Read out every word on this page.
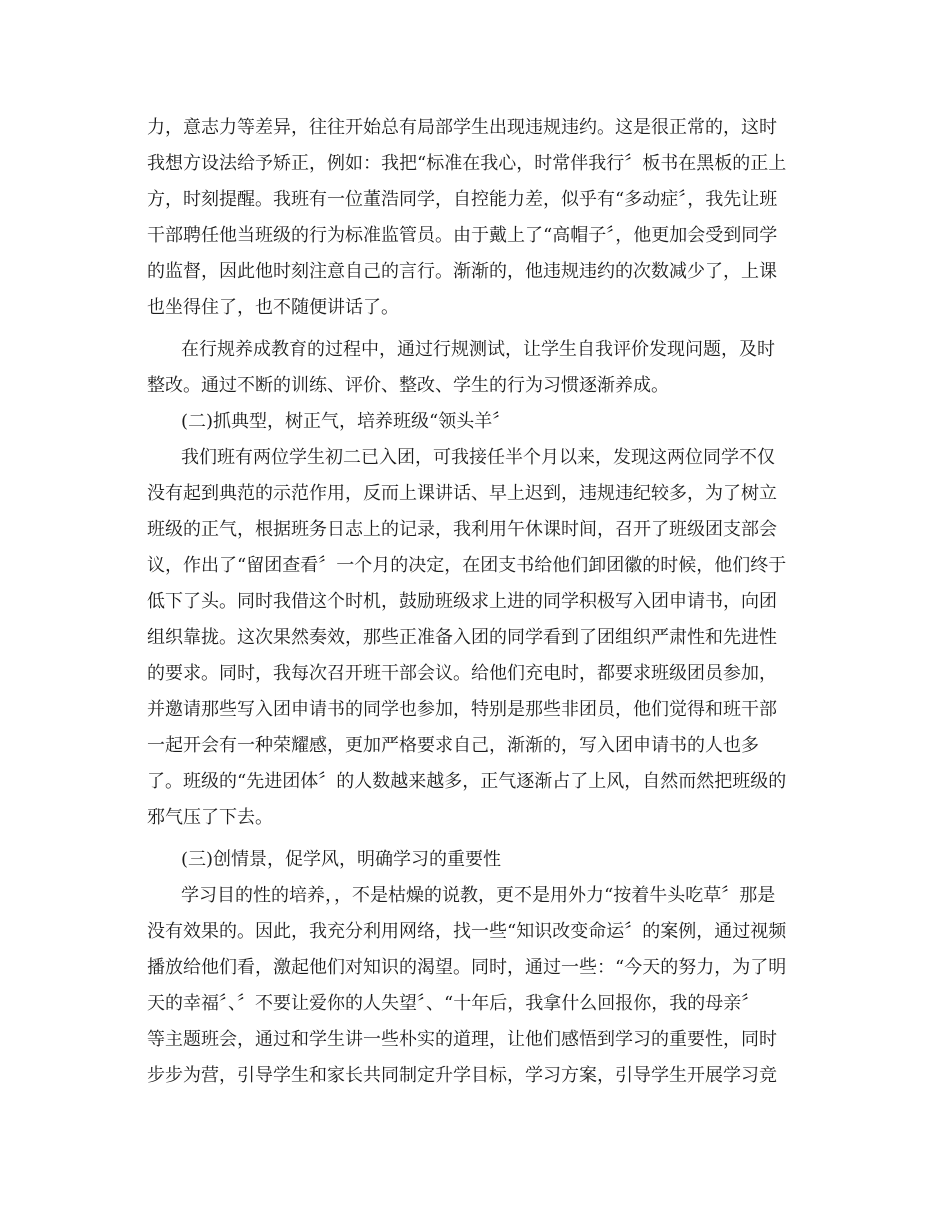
力，意志力等差异，往往开始总有局部学生出现违规违约。这是很正常的，这时

我想方设法给予矫正，例如：我把“标准在我心，时常伴我行〞板书在黑板的正上

方，时刻提醒。我班有一位董浩同学，自控能力差，似乎有“多动症〞，我先让班

干部聘任他当班级的行为标准监管员。由于戴上了“高帽子〞，他更加会受到同学

的监督，因此他时刻注意自己的言行。渐渐的，他违规违约的次数减少了，上课

也坐得住了，也不随便讲话了。

在行规养成教育的过程中，通过行规测试，让学生自我评价发现问题，及时

整改。通过不断的训练、评价、整改、学生的行为习惯逐渐养成。

(二)抓典型，树正气，培养班级“领头羊〞

我们班有两位学生初二已入团，可我接任半个月以来，发现这两位同学不仅

没有起到典范的示范作用，反而上课讲话、早上迟到，违规违纪较多，为了树立

班级的正气，根据班务日志上的记录，我利用午休课时间，召开了班级团支部会

议，作出了“留团查看〞一个月的决定，在团支书给他们卸团徽的时候，他们终于

低下了头。同时我借这个时机，鼓励班级求上进的同学积极写入团申请书，向团

组织靠拢。这次果然奏效，那些正准备入团的同学看到了团组织严肃性和先进性

的要求。同时，我每次召开班干部会议。给他们充电时，都要求班级团员参加，

并邀请那些写入团申请书的同学也参加，特别是那些非团员，他们觉得和班干部

一起开会有一种荣耀感，更加严格要求自己，渐渐的，写入团申请书的人也多

了。班级的“先进团体〞的人数越来越多，正气逐渐占了上风，自然而然把班级的

邪气压了下去。

(三)创情景，促学风，明确学习的重要性

学习目的性的培养，，不是枯燥的说教，更不是用外力“按着牛头吃草〞那是

没有效果的。因此，我充分利用网络，找一些“知识改变命运〞的案例，通过视频

播放给他们看，激起他们对知识的渴望。同时，通过一些：“今天的努力，为了明

天的幸福〞、〞不要让爱你的人失望〞、“十年后，我拿什么回报你，我的母亲〞

等主题班会，通过和学生讲一些朴实的道理，让他们感悟到学习的重要性，同时

步步为营，引导学生和家长共同制定升学目标，学习方案，引导学生开展学习竞
